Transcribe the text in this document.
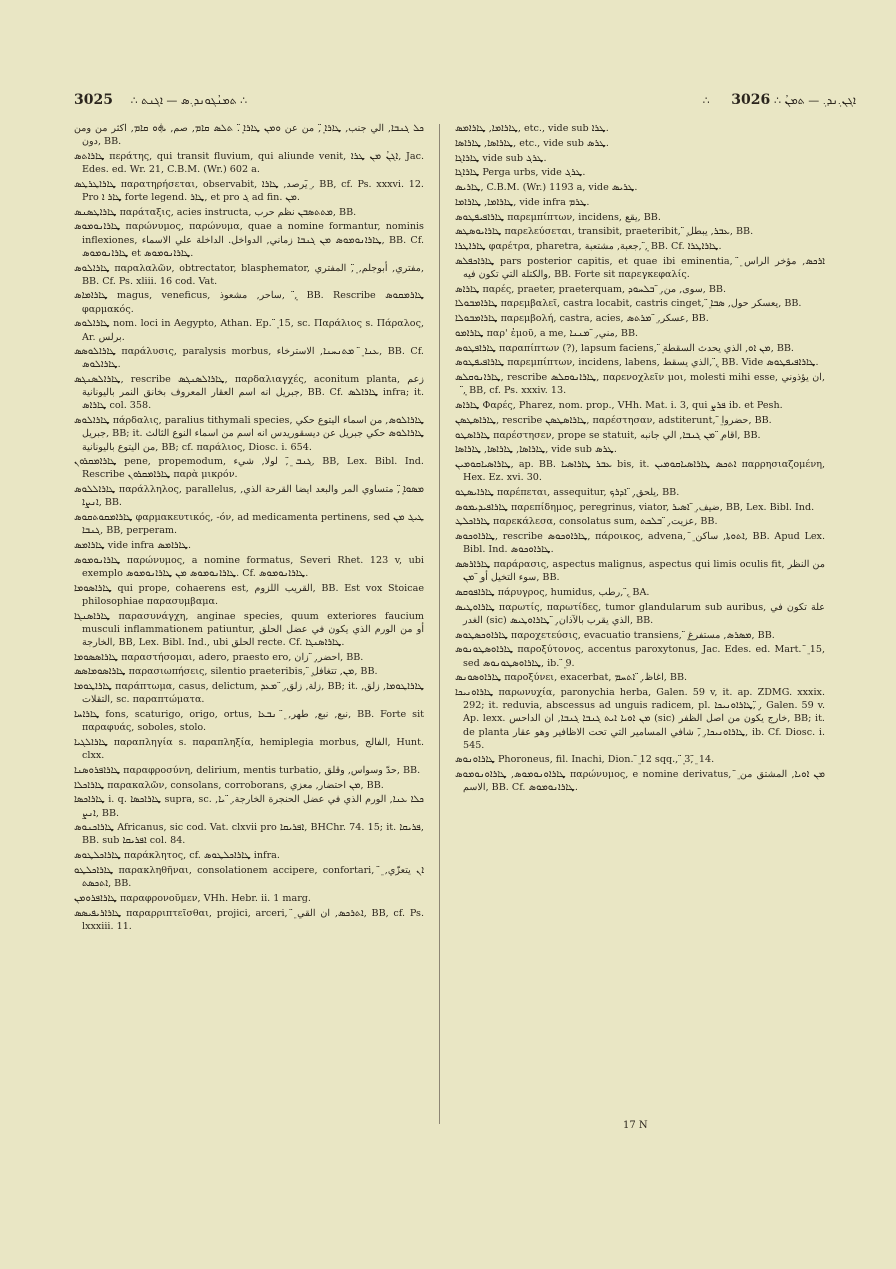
3025 ∴ ܬܡܢܳܓܘܢܕ܉ܣ — ܐܓܢܬ ∴	∴ ܐܓܢ܉ܢܕ܉ — ܬܡܢܳ ∴ 3026

ܟܠ ܓܢܒܐ, الي جنب, ܜܐܪܐ ܸ̈, من عن ܘܡܢ ܜܐܪܐ ܸ̈. ܬܠܣ ܩܐܡ, صم, ܞܘ ܩܐܡ, اكثر من ومن دون, BB.

ܜܐܪܐܬܣ περάτης, qui transit fluvium, qui aliunde venit, ܐܓܢܳ ܡܢ ܜܪܐ, Jac. Edes. ed. Wr. 21, C.B.M. (Wr.) 602 a.

ܜܐܪܐܛܪܛܣ παρατηρήσεται, observabit, يرصد, ܜܐܪܐ ܸ̈, BB, cf. Ps. xxxvi. 12. Pro ܜܐܪ ܐ forte legend. ܜܐܪ, et pro ܓ ad fin. ܡܢ.

ܜܐܪܐܛܣܢܣ παράταξις, acies instructa, ܡܬܬܣܒܢ نظم حرب, BB.

ܜܐܪܐܢܘܡܘܣ παρώνυμος, παρώνυμα, quae a nomine formantur, nominis inflexiones, ܜܐܪܐܢܘܡܘܣ ܡܢ ܓܢܒܐ زماني, الدواخل. الداخلة علي الاسماء, BB. Cf. ܜܐܪܐܢܘܡܘܣ et ܜܐܪܐܢܘܡܘܣ.

ܜܐܪܐܠܘܣ παραλαλῶν, obtrectator, blasphemator, مفتري, أبوجلم, ܸ̈, المفتري, BB. Cf. Ps. xliii. 16 cod. Vat.

ܜܐܪܐܡܐܣ magus, veneficus, ساحر, مشعوذ, ܸ̈, BB. Rescribe ܜܐܪܡܩܘܣ φαρμακός.

ܜܐܪܐܠܘܣ nom. loci in Aegypto, Athan. Ep. ܸ̈ 15, sc. Παράλιος s. Πάραλος, Ar. برلس.

ܜܐܪܐܠܘܣܣ παράλυσις, paralysis morbus, ܥܢܐ ܸ̈ ܡܬܢܚܢܐ, الاسترخاء, BB. Cf. ܜܐܪܐܠܘܣ.

ܜܐܪܐܠܣܢܓܣ, rescribe ܜܐܪܐܠܣܢܓܣ, παρδαλιαγχές, aconitum planta, زعم جبريل انه اسم العقار المعروف بخانق النمر باليونانية, BB. Cf. ܜܐܪܐܠܣ infra; it. ܜܐܪܐܣ col. 358.

ܜܐܪܐܠܘܣ πάρδαλις, paralius tithymali species, ܜܐܪܐܠܘܣ, من اسماء اليتوع حكي جبريل, BB; it. ܜܐܪܐܠܘܣ حكي جبريل عن ديسقوريدس انه اسم من اسماء النوع الثالث من اليتوع باليونانية, BB; cf. παράλιος, Diosc. i. 654.

ܜܐܪܐܡܩܪܘܢ pene, propemodum, ܓܢܒ ܸ̈, لولا, شيء, BB, Lex. Bibl. Ind. Rescribe ܜܐܪܐܡܩܪܘܢ παρὰ μικρόν.

ܜܐܪܐܠܠܘܣ παράλληλος, parallelus, ܡܣܘܐ ܸ̈, متساوي المر والبعد ايضا القرحة الذي, ܐܢܨܐ, BB.

ܜܐܪܐܡܩܘܬܩܘܣ φαρμακευτικός, -όν, ad medicamenta pertinens, sed ܛܝܓ ܡܢ ܓܢܒܐ, BB, perperam.

ܜܐܪܐܡܣ vide infra ܜܐܪܐܡܣ.

ܜܐܪܐܢܘܡܘܣ παρώνυμος, a nomine formatus, Severi Rhet. 123 v, ubi exemplo ܜܐܪܐܢܘܡܘܣ ܡܢ ܜܐܪܐܢܘܡܘܣ. Cf. ܜܐܪܐܢܘܡܘܣ.

ܜܐܪܐܣܘܡܐ qui prope, cohaerens est, القريب اللزوم, BB. Est vox Stoicae philosophiae παρασυμβαμα.

ܜܐܪܐܣܢܓܐ παρασυνάγχη, anginae species, quum exteriores faucium musculi inflammationem patiuntur, أو من الورم الذي يكون في عضل الحلق الخارجة, BB, Lex. Bibl. Ind., ubi الحلق recte. Cf. ܜܐܪܐܣܢܓܐ.

ܜܐܪܐܣܣܘܡܐ παραστήσομαι, adero, praesto ero, احضر, ܸ̈ زان, BB.

ܜܐܪܐܣܘܡܐܣܣ παρασιωπήσεις, silentio praeteribis, ܸ̈ ܡܢ, تتغافل, BB.

ܜܐܪܐܛܘܡܐ παράπτωμα, casus, delictum, زلة, زلق, ܸ̈ ܡܥܕ, BB; it. ܜܐܪܐܛܘܡܐ, زلق, التقلات, sc. παραπτώματα.

ܜܐܪܐܚܐ fons, scaturigo, origo, ortus, نبع, نبع, طهر, ܸ̈ ܢܒܥܐ, BB. Forte sit παραφυάς, soboles, stolo.

ܜܐܪܐܠܓܝܐ παραπληγία s. παραπληξία, hemiplegia morbus, الفالج, Hunt. clxx.

ܜܐܪܐܦܪܘܣܢܐ παραφροσύνη, delirium, mentis turbatio, حدّ وسواس, وقلق, BB.

ܜܐܪܐܟܠܐ παρακαλῶν, consolans, corroborans, ܡܢ احتضار, معزي, BB.

ܜܐܪܐܟܣܐ i. q. ܜܐܪܐܟܣܐ supra, sc. ܟܠܐ ܥܢܐ, الورم الذي في عضل الحنجرة الخارجة, ܸ̈ ܝܐ, ܐܢܨ, BB.

ܜܐܪܐܟܢܘܣ Africanus, sic cod. Vat. clxvii pro ܐܦܪܝܩܐ, BHChr. 74. 15; it. ܦܪܝܩܐ, BB. sub ܐܦܪܝܩܐ col. 84.

ܜܐܪܐܟܠܛܘܣ παράκλητος, cf. ܜܐܪܐܟܠܛܘܣ infra.

ܜܐܪܐܟܠܛܘ παρακληθῆναι, consolationem accipere, confortari, ܸ̈ ܐܢ يتعزّي, ܐܬܟܣܬ, BB.

ܜܐܪܐܦܪܘܡܢ παραφρονοῦμεν, VHh. Hebr. ii. 1 marg.

ܜܐܪܐܪܝܦܝܣܣ παραρριπτεῖσθαι, projici, arceri, ܸ̈ ܐܬܪܟܣ, ان القي, BB, cf. Ps. lxxxiii. 11.

ܜܐܪܐܡܐ, ܜܐܪܐܡܣ, etc., vide sub ܜܪܐ.

ܜܐܪܐܣܐ, ܜܐܪܐܣܐ, etc., vide sub ܜܪܣ.

ܜܐܪܐܓܐ vide sub ܜܪܓ.

ܜܐܪܐܓܐ Perga urbs, vide ܜܪܓ.

ܜܐܪܝܣ, C.B.M. (Wr.) 1193 a, vide ܜܪܝܣ.

ܜܐܪܐܡܐ, ܜܐܪܐܡܐ, vide infra ܜܪܡ.

ܜܐܪܐܦܝܦܛܘܣ παρεμπίπτων, incidens, يقع, BB.

ܜܐܪܐܝܘܣܛܣ παρελεύσεται, transibit, praeteribit, ܸ̈ ܥܒܪ, يبطل, BB.

ܜܐܪܐܛܪܐ φαρέτρα, pharetra, جعبة, مشتعبة, ܸ̈, BB. Cf. ܜܐܪܐܛܪܐ.

ܜܐܪܐܟܦܠܣ pars posterior capitis, et quae ibi eminentia, ܸ̈ ܐܪܟܣ, مؤخر الراس والكتلة التي تكون فيه, BB. Forte sit παρεγκεφαλίς.

ܜܐܪܐܣ παρές, praeter, praeterquam, سوى, من, ܸ̈ ܒܠܚܘܕ, BB.

ܜܐܪܐܡܒܘܠܐ παρεμβαλεῖ, castra locabit, castris cinget, ܸ̈ يعسكر حول, ܣܒܐ, BB.

ܜܐܪܐܡܒܘܠܐ παρεμβολή, castra, acies, عسكر, ܸ̈ ܡܪܬܣ, BB.

ܜܐܪܐܡܘ παρ' ἐμοῦ, a me, مني, ܸ̈ ܡܢܢܐ, BB.

ܜܐܪܐܦܛܘܣ παραπίπτων (?), lapsum faciens, ܸ̈ ܡܢ ܐܘ, الذي يحدث السقطة, BB.

ܜܐܪܐܦܝܦܛܘܣ παρεμπίπτων, incidens, labens, الذي يسقط, ܸ̈, BB. Vide ܜܐܪܐܦܝܦܛܘܣ.

ܜܐܪܐܢܘܩܠܣ, rescribe ܜܐܪܐܢܘܩܠܣ, παρενοχλεῖν μοι, molesti mihi esse, ان يؤذوني, ܸ̈, BB, cf. Ps. xxxiv. 13.

ܜܐܪܐܣ Φαρές, Pharez, nom. prop., VHh. Mat. i. 3, qui ܦܪܨ ib. et Pesh.

ܜܐܪܐܣܛܣܢ, rescribe ܜܐܪܐܣܛܣܢ, παρέστησαν, adstiterunt, ܸ̈ حضروا, BB.

ܜܐܪܐܣܛܘ παρέστησεν, prope se statuit, اقام ܸ̈ ܡܢ ܓܢܒܐ, الي جانبه, BB.

ܜܐܪܐܣܐ, ܜܐܪܐܣܐ, ܜܐܪܐܣܐ, vide sub ܜܪܣ.

ܜܐܪܐܣܝܐܩܘܡܝܢ, ap. BB. ܥܒܪ ܜܐܪܐܣܝܐ bis, it. ܐܬܟܣ ܜܐܪܐܣܝܐܩܘܡܝܢ παρρησιαζομένη, Hex. Ez. xvi. 30.

ܜܐܪܐܝܣܛܘ παρέπεται, assequitur, يلحق, ܸ̈ ܐܕܪܟ, BB.

ܜܐܪܐܦܝܕܝܡܘܣ παρεπίδημος, peregrinus, viator, ضيف, ܸ̈ ܐܣܝܪ, BB, Lex. Bibl. Ind.

ܜܐܪܐܟܠܛ παρεκάλεσα, consolatus sum, عزيت, ܸ̈ ܒܠܟܬ, BB.

ܜܐܪܐܘܟܘܣ, rescribe ܜܐܪܐܘܟܘܣ, πάροικος, advena, ܸ̈ ܐܬܘܬܐ, ساكن, BB. Apud Lex. Bibl. Ind. ܜܐܪܐܘܟܘܣ.

ܜܐܪܐܪܣܣ παράρασις, aspectus malignus, aspectus qui limis oculis fit, من النظر سوء التخيل أو ܸ̈ ܡܢ, BB.

ܜܐܪܐܦܘܩܣ πάρυγρος, humidus, رطب, ܸ̈, BA.

ܜܐܪܐܘܛܝܣ παρωτίς, παρωτίδες, tumor glandularum sub auribus, علة تكون في الغدر (sic) الذي يقرب بالآذان, ܸ̈ ܜܐܪܐܘܛܝܣ, BB.

ܜܐܪܐܘܟܣܛܘܣ παροχετεύσις, evacuatio transiens, ܸ̈ ܡܣܪܣ, مستفرغ, BB.

ܜܐܪܐܘܣܛܘܢܘܣ παροξύτονος, accentus paroxytonus, Jac. Edes. ed. Mart. ܸ̈ 15, sed ܜܐܪܐܘܣܛܘܢܘܣ, ib. ܸ̈ 9.

ܜܐܪܐܘܣܘܢܣ παροξύνει, exacerbat, اغاظ, ܸ̈ ܐܬܚܡ, BB.

ܜܐܪܐܘܢܝܟܐ παρωνυχία, paronychia herba, Galen. 59 v, it. ap. ZDMG. xxxix. 292; it. reduvia, abscessus ad unguis radicem, pl. ܜܐܪܐܘܢܝܟܐ, ܸ̈, Galen. 59 v. Ap. lexx. ܡܢ ܐܘܝܐ ܐܝܬ ܓܢܒܐ ܓܢܒܐ, ان الداحس (sic) خارج يكون من اصل الظفر, BB; it. de planta ܜܐܪܐܘܢܝܟܐ, ܸ̈, شافي المسامير التي تحت الاظافير وهو عقار, ib. Cf. Diosc. i. 545.

ܜܐܪܐܘܢܘܣ Phoroneus, fil. Inachi, Dion. ܸ̈ 12 sqq., ܸ̈ 3, ܸ̈ 14.

ܜܐܪܐܘܢܘܡܘܣ, ܜܐܪܐܘܢܘܡܘܣ παρώνυμος, e nomine derivatus, ܸ̈ ܡܢ ܐܘܝܐ, المشتق من الاسم, BB. Cf. ܜܐܪܐܢܘܡܘܣ.

17 N
